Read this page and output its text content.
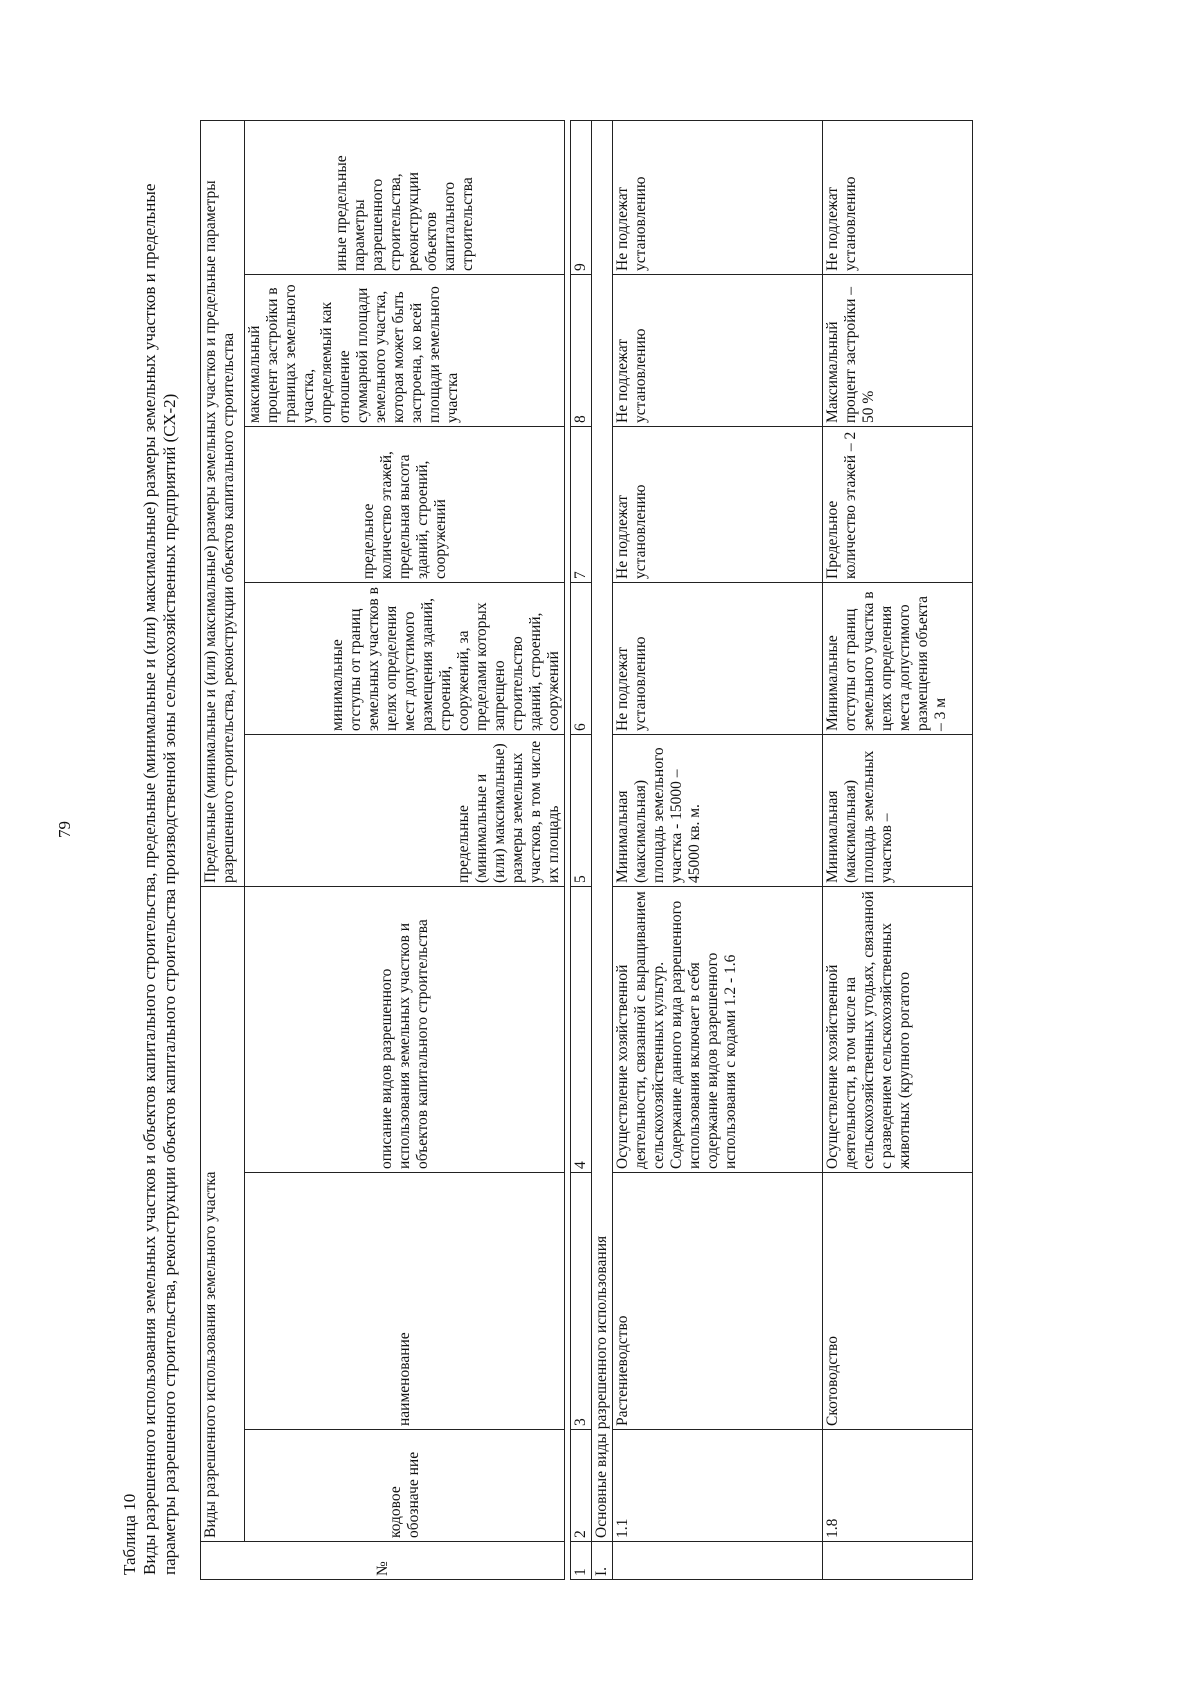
79
Таблица 10 Виды разрешенного использования земельных участков и объектов капитального строительства, предельные (минимальные и (или) максимальные) размеры земельных участков и предельные параметры разрешенного строительства, реконструкции объектов капитального строительства производственной зоны сельскохозяйственных предприятий (СХ-2)	№	Виды разрешенного использования земельного участка			Предельные (минимальные и (или) максимальные) размеры земельных участков и предельные параметры разрешенного строительства, реконструкции объектов капитального строительства				
	кодовое обозначе ние	наименование	описание видов разрешенного использования земельных участков и объектов капитального строительства	предельные (минимальные и (или) максимальные) размеры земельных участков, в том числе их площадь	минимальные отступы от границ земельных участков в целях определения мест допустимого размещения зданий, строений, сооружений, за пределами которых запрещено строительство зданий, строений, сооружений	предельное количество этажей, предельная высота зданий, строений, сооружений	максимальный процент застройки в границах земельного участка, определяемый как отношение суммарной площади земельного участка, которая может быть застроена, ко всей площади земельного участка	иные предельные параметры разрешенного строительства, реконструкции объектов капитального строительства
1	2	3	4	5	6	7	8	9
I.	Основные виды разрешенного использования							
	1.1	Растениеводство	Осуществление хозяйственной деятельности, связанной с выращиванием сельскохозяйственных культур. Содержание данного вида разрешенного использования включает в себя содержание видов разрешенного использования с кодами 1.2 - 1.6	Минимальная (максимальная) площадь земельного участка - 15000 – 45000 кв. м.	Не подлежат установлению	Не подлежат установлению	Не подлежат установлению	Не подлежат установлению
	1.8	Скотоводство	Осуществление хозяйственной деятельности, в том числе на сельскохозяйственных угодьях, связанной с разведением сельскохозяйственных животных (крупного рогатого	Минимальная (максимальная) площадь земельных участков –	Минимальные отступы от границ земельного участка в целях определения места допустимого размещения объекта – 3 м	Предельное количество этажей – 2	Максимальный процент застройки – 50 %	Не подлежат установлению
